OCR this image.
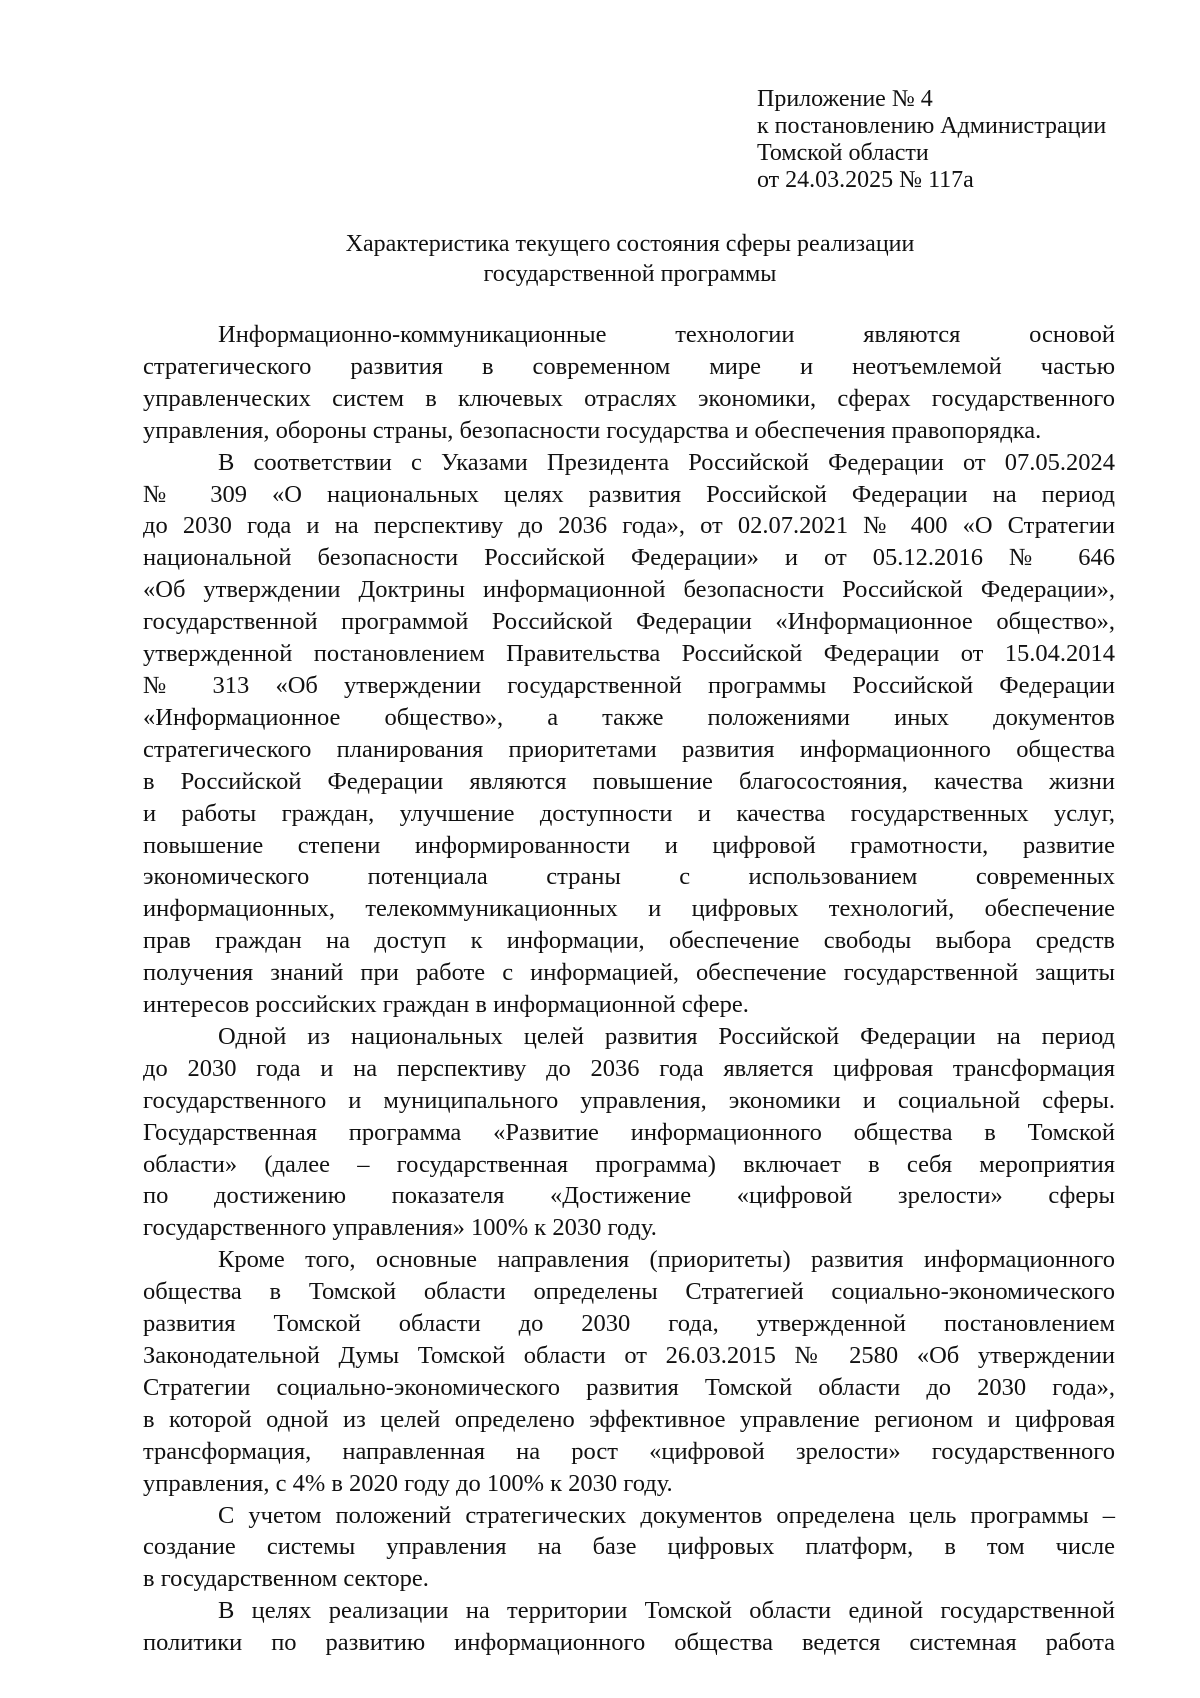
Приложение № 4
к постановлению Администрации
Томской области
от 24.03.2025 № 117а
Характеристика текущего состояния сферы реализации
государственной программы
Информационно-коммуникационные технологии являются основой
стратегического развития в современном мире и неотъемлемой частью
управленческих систем в ключевых отраслях экономики, сферах государственного
управления, обороны страны, безопасности государства и обеспечения правопорядка.
В соответствии с Указами Президента Российской Федерации от 07.05.2024
№ 309 «О национальных целях развития Российской Федерации на период
до 2030 года и на перспективу до 2036 года», от 02.07.2021 № 400 «О Стратегии
национальной безопасности Российской Федерации» и от 05.12.2016 № 646
«Об утверждении Доктрины информационной безопасности Российской Федерации»,
государственной программой Российской Федерации «Информационное общество»,
утвержденной постановлением Правительства Российской Федерации от 15.04.2014
№ 313 «Об утверждении государственной программы Российской Федерации
«Информационное общество», а также положениями иных документов
стратегического планирования приоритетами развития информационного общества
в Российской Федерации являются повышение благосостояния, качества жизни
и работы граждан, улучшение доступности и качества государственных услуг,
повышение степени информированности и цифровой грамотности, развитие
экономического потенциала страны с использованием современных
информационных, телекоммуникационных и цифровых технологий, обеспечение
прав граждан на доступ к информации, обеспечение свободы выбора средств
получения знаний при работе с информацией, обеспечение государственной защиты
интересов российских граждан в информационной сфере.
Одной из национальных целей развития Российской Федерации на период
до 2030 года и на перспективу до 2036 года является цифровая трансформация
государственного и муниципального управления, экономики и социальной сферы.
Государственная программа «Развитие информационного общества в Томской
области» (далее – государственная программа) включает в себя мероприятия
по достижению показателя «Достижение «цифровой зрелости» сферы
государственного управления» 100% к 2030 году.
Кроме того, основные направления (приоритеты) развития информационного
общества в Томской области определены Стратегией социально-экономического
развития Томской области до 2030 года, утвержденной постановлением
Законодательной Думы Томской области от 26.03.2015 № 2580 «Об утверждении
Стратегии социально-экономического развития Томской области до 2030 года»,
в которой одной из целей определено эффективное управление регионом и цифровая
трансформация, направленная на рост «цифровой зрелости» государственного
управления, с 4% в 2020 году до 100% к 2030 году.
С учетом положений стратегических документов определена цель программы –
создание системы управления на базе цифровых платформ, в том числе
в государственном секторе.
В целях реализации на территории Томской области единой государственной
политики по развитию информационного общества ведется системная работа
